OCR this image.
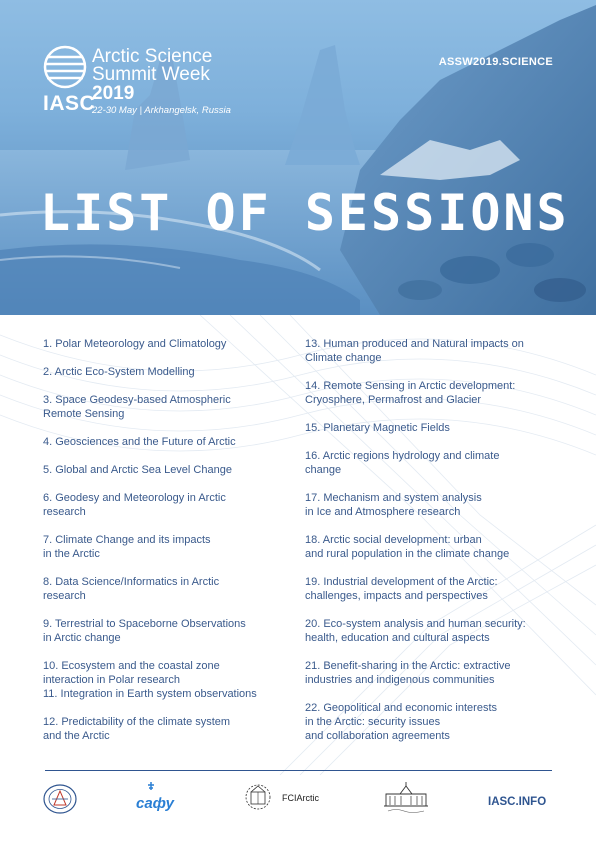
IASC
Arctic Science
Summit Week
2019
22-30 May | Arkhangelsk, Russia
ASSW2019.SCIENCE
LIST OF SESSIONS
1. Polar Meteorology and Climatology
2. Arctic Eco-System Modelling
3. Space Geodesy-based Atmospheric
Remote Sensing
4. Geosciences and the Future of Arctic
5. Global and Arctic Sea Level Change
6. Geodesy and Meteorology in Arctic
research
7. Climate Change and its impacts
in the Arctic
8. Data Science/Informatics in Arctic
research
9. Terrestrial to Spaceborne Observations
in Arctic change
10. Ecosystem and the coastal zone
interaction in Polar research
11. Integration in Earth system observations
12. Predictability of the climate system
and the Arctic
13. Human produced and Natural impacts on
Climate change
14. Remote Sensing in Arctic development:
Cryosphere, Permafrost and Glacier
15. Planetary Magnetic Fields
16. Arctic regions hydrology and climate
change
17. Mechanism and system analysis
in Ice and Atmosphere research
18. Arctic social development: urban
and rural population in the climate change
19. Industrial development of the Arctic:
challenges, impacts and perspectives
20. Eco-system analysis and human security:
health, education and cultural aspects
21. Benefit-sharing in the Arctic: extractive
industries and indigenous communities
22. Geopolitical and economic interests
in the Arctic: security issues
and collaboration agreements
сафу	FCIArctic	IASC.INFO
